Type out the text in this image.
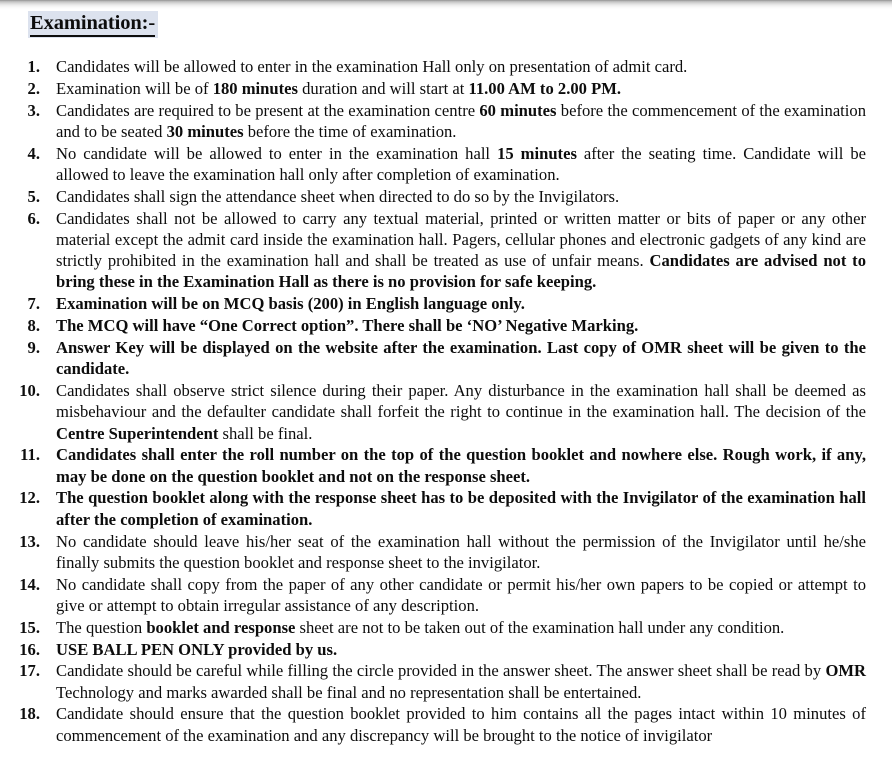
Examination:-
1. Candidates will be allowed to enter in the examination Hall only on presentation of admit card.
2. Examination will be of 180 minutes duration and will start at 11.00 AM to 2.00 PM.
3. Candidates are required to be present at the examination centre 60 minutes before the commencement of the examination and to be seated 30 minutes before the time of examination.
4. No candidate will be allowed to enter in the examination hall 15 minutes after the seating time. Candidate will be allowed to leave the examination hall only after completion of examination.
5. Candidates shall sign the attendance sheet when directed to do so by the Invigilators.
6. Candidates shall not be allowed to carry any textual material, printed or written matter or bits of paper or any other material except the admit card inside the examination hall. Pagers, cellular phones and electronic gadgets of any kind are strictly prohibited in the examination hall and shall be treated as use of unfair means. Candidates are advised not to bring these in the Examination Hall as there is no provision for safe keeping.
7. Examination will be on MCQ basis (200) in English language only.
8. The MCQ will have “One Correct option”. There shall be ‘NO’ Negative Marking.
9. Answer Key will be displayed on the website after the examination. Last copy of OMR sheet will be given to the candidate.
10. Candidates shall observe strict silence during their paper. Any disturbance in the examination hall shall be deemed as misbehaviour and the defaulter candidate shall forfeit the right to continue in the examination hall. The decision of the Centre Superintendent shall be final.
11. Candidates shall enter the roll number on the top of the question booklet and nowhere else. Rough work, if any, may be done on the question booklet and not on the response sheet.
12. The question booklet along with the response sheet has to be deposited with the Invigilator of the examination hall after the completion of examination.
13. No candidate should leave his/her seat of the examination hall without the permission of the Invigilator until he/she finally submits the question booklet and response sheet to the invigilator.
14. No candidate shall copy from the paper of any other candidate or permit his/her own papers to be copied or attempt to give or attempt to obtain irregular assistance of any description.
15. The question booklet and response sheet are not to be taken out of the examination hall under any condition.
16. USE BALL PEN ONLY provided by us.
17. Candidate should be careful while filling the circle provided in the answer sheet. The answer sheet shall be read by OMR Technology and marks awarded shall be final and no representation shall be entertained.
18. Candidate should ensure that the question booklet provided to him contains all the pages intact within 10 minutes of commencement of the examination and any discrepancy will be brought to the notice of invigilator
